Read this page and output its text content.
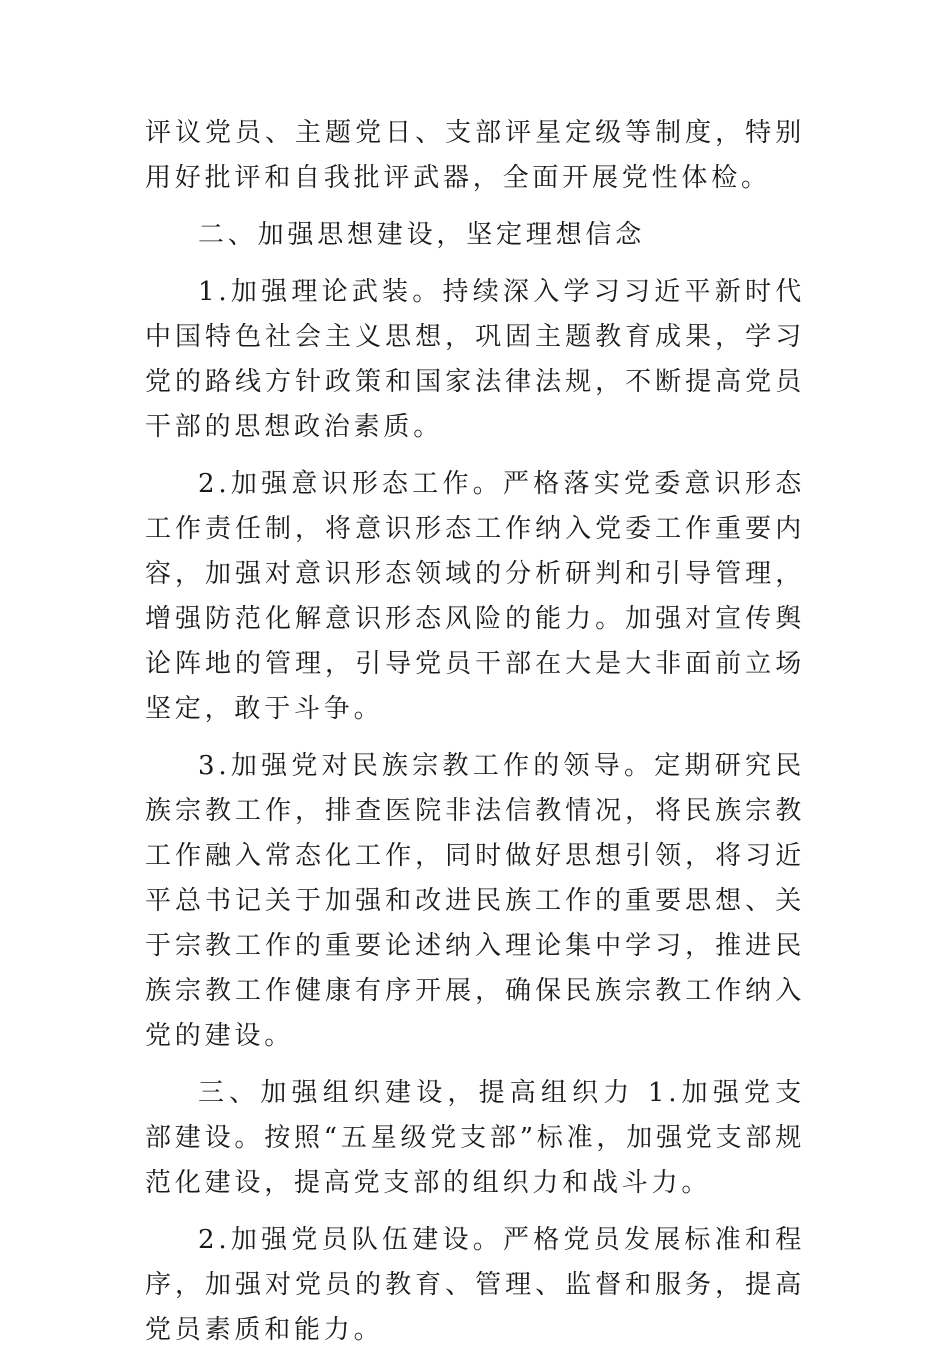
评议党员、主题党日、支部评星定级等制度，特别用好批评和自我批评武器，全面开展党性体检。

二、加强思想建设，坚定理想信念

1.加强理论武装。持续深入学习习近平新时代中国特色社会主义思想，巩固主题教育成果，学习党的路线方针政策和国家法律法规，不断提高党员干部的思想政治素质。

2.加强意识形态工作。严格落实党委意识形态工作责任制，将意识形态工作纳入党委工作重要内容，加强对意识形态领域的分析研判和引导管理，增强防范化解意识形态风险的能力。加强对宣传舆论阵地的管理，引导党员干部在大是大非面前立场坚定，敢于斗争。

3.加强党对民族宗教工作的领导。定期研究民族宗教工作，排查医院非法信教情况，将民族宗教工作融入常态化工作，同时做好思想引领，将习近平总书记关于加强和改进民族工作的重要思想、关于宗教工作的重要论述纳入理论集中学习，推进民族宗教工作健康有序开展，确保民族宗教工作纳入党的建设。

三、加强组织建设，提高组织力 1.加强党支部建设。按照“五星级党支部”标准，加强党支部规范化建设，提高党支部的组织力和战斗力。

2.加强党员队伍建设。严格党员发展标准和程序，加强对党员的教育、管理、监督和服务，提高党员素质和能力。
